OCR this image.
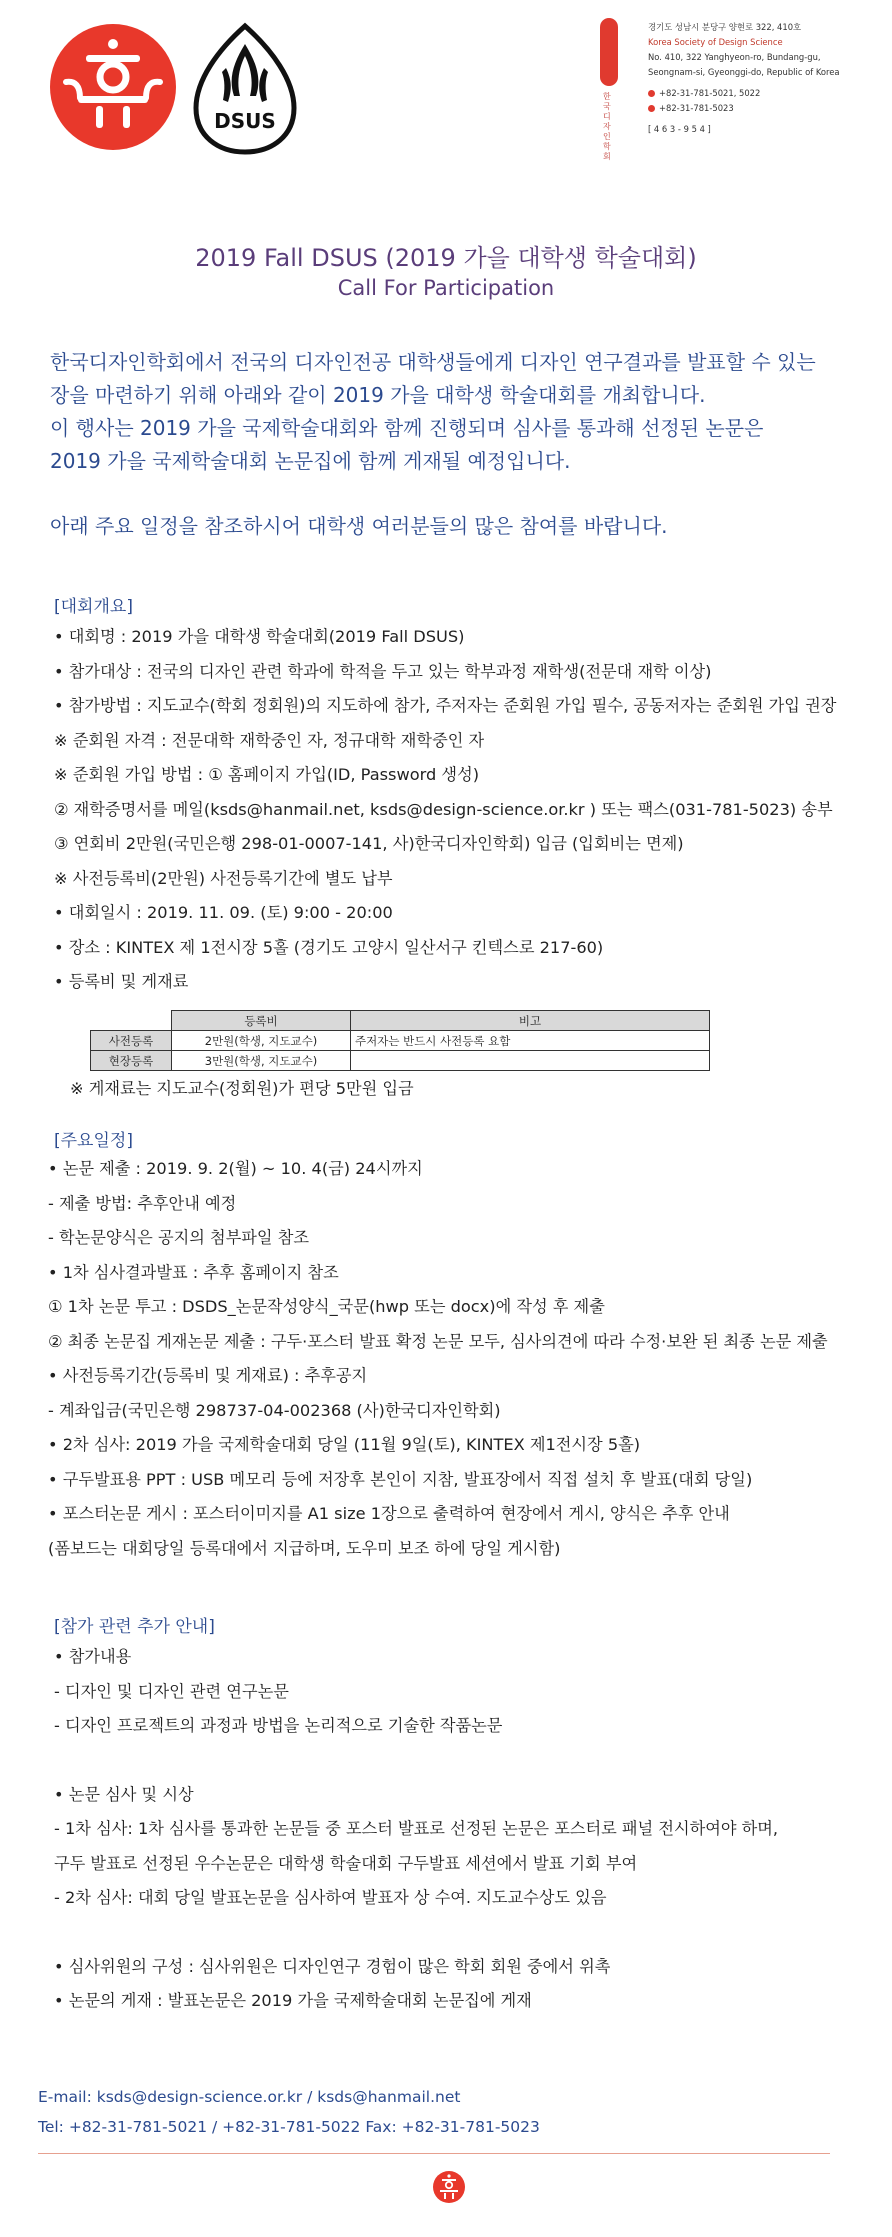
DSUS
한
국
디
자
인
학
회
경기도 성남시 분당구 양현로 322, 410호
Korea Society of Design Science
No. 410, 322 Yanghyeon-ro, Bundang-gu,
Seongnam-si, Gyeonggi-do, Republic of Korea
+82-31-781-5021, 5022
+82-31-781-5023
[ 4 6 3 - 9 5 4 ]
2019 Fall DSUS (2019 가을 대학생 학술대회)
Call For Participation

한국디자인학회에서 전국의 디자인전공 대학생들에게 디자인 연구결과를 발표할 수 있는

장을 마련하기 위해 아래와 같이 2019 가을 대학생 학술대회를 개최합니다.

이 행사는 2019 가을 국제학술대회와 함께 진행되며 심사를 통과해 선정된 논문은

2019 가을 국제학술대회 논문집에 함께 게재될 예정입니다.

아래 주요 일정을 참조하시어 대학생 여러분들의 많은 참여를 바랍니다.

[대회개요]
• 대회명 : 2019 가을 대학생 학술대회(2019 Fall DSUS)
• 참가대상 : 전국의 디자인 관련 학과에 학적을 두고 있는 학부과정 재학생(전문대 재학 이상)
• 참가방법 : 지도교수(학회 정회원)의 지도하에 참가, 주저자는 준회원 가입 필수, 공동저자는 준회원 가입 권장
※ 준회원 자격 : 전문대학 재학중인 자, 정규대학 재학중인 자
※ 준회원 가입 방법 : ① 홈페이지 가입(ID, Password 생성)
② 재학증명서를 메일(ksds@hanmail.net, ksds@design-science.or.kr ) 또는 팩스(031-781-5023) 송부
③ 연회비 2만원(국민은행 298-01-0007-141, 사)한국디자인학회) 입금 (입회비는 면제)
※ 사전등록비(2만원) 사전등록기간에 별도 납부
• 대회일시 : 2019. 11. 09. (토) 9:00 - 20:00
• 장소 : KINTEX 제 1전시장 5홀 (경기도 고양시 일산서구 킨텍스로 217-60)
• 등록비 및 게재료
	등록비	비고
사전등록	2만원(학생, 지도교수)	주저자는 반드시 사전등록 요함
현장등록	3만원(학생, 지도교수)	
※ 게재료는 지도교수(정회원)가 편당 5만원 입금
[주요일정]
• 논문 제출 : 2019. 9. 2(월) ~ 10. 4(금) 24시까지
- 제출 방법: 추후안내 예정
- 학논문양식은 공지의 첨부파일 참조
• 1차 심사결과발표 : 추후 홈페이지 참조
① 1차 논문 투고 : DSDS_논문작성양식_국문(hwp 또는 docx)에 작성 후 제출
② 최종 논문집 게재논문 제출 : 구두·포스터 발표 확정 논문 모두, 심사의견에 따라 수정·보완 된 최종 논문 제출
• 사전등록기간(등록비 및 게재료) : 추후공지
- 계좌입금(국민은행 298737-04-002368 (사)한국디자인학회)
• 2차 심사: 2019 가을 국제학술대회 당일 (11월 9일(토), KINTEX 제1전시장 5홀)
• 구두발표용 PPT : USB 메모리 등에 저장후 본인이 지참, 발표장에서 직접 설치 후 발표(대회 당일)
• 포스터논문 게시 : 포스터이미지를 A1 size 1장으로 출력하여 현장에서 게시, 양식은 추후 안내
(폼보드는 대회당일 등록대에서 지급하며, 도우미 보조 하에 당일 게시함)
[참가 관련 추가 안내]
• 참가내용
- 디자인 및 디자인 관련 연구논문
- 디자인 프로젝트의 과정과 방법을 논리적으로 기술한 작품논문
• 논문 심사 및 시상
- 1차 심사: 1차 심사를 통과한 논문들 중 포스터 발표로 선정된 논문은 포스터로 패널 전시하여야 하며,
구두 발표로 선정된 우수논문은 대학생 학술대회 구두발표 세션에서 발표 기회 부여
- 2차 심사: 대회 당일 발표논문을 심사하여 발표자 상 수여. 지도교수상도 있음
• 심사위원의 구성 : 심사위원은 디자인연구 경험이 많은 학회 회원 중에서 위촉
• 논문의 게재 : 발표논문은 2019 가을 국제학술대회 논문집에 게재
E-mail: ksds@design-science.or.kr / ksds@hanmail.net
Tel: +82-31-781-5021 / +82-31-781-5022 Fax: +82-31-781-5023
